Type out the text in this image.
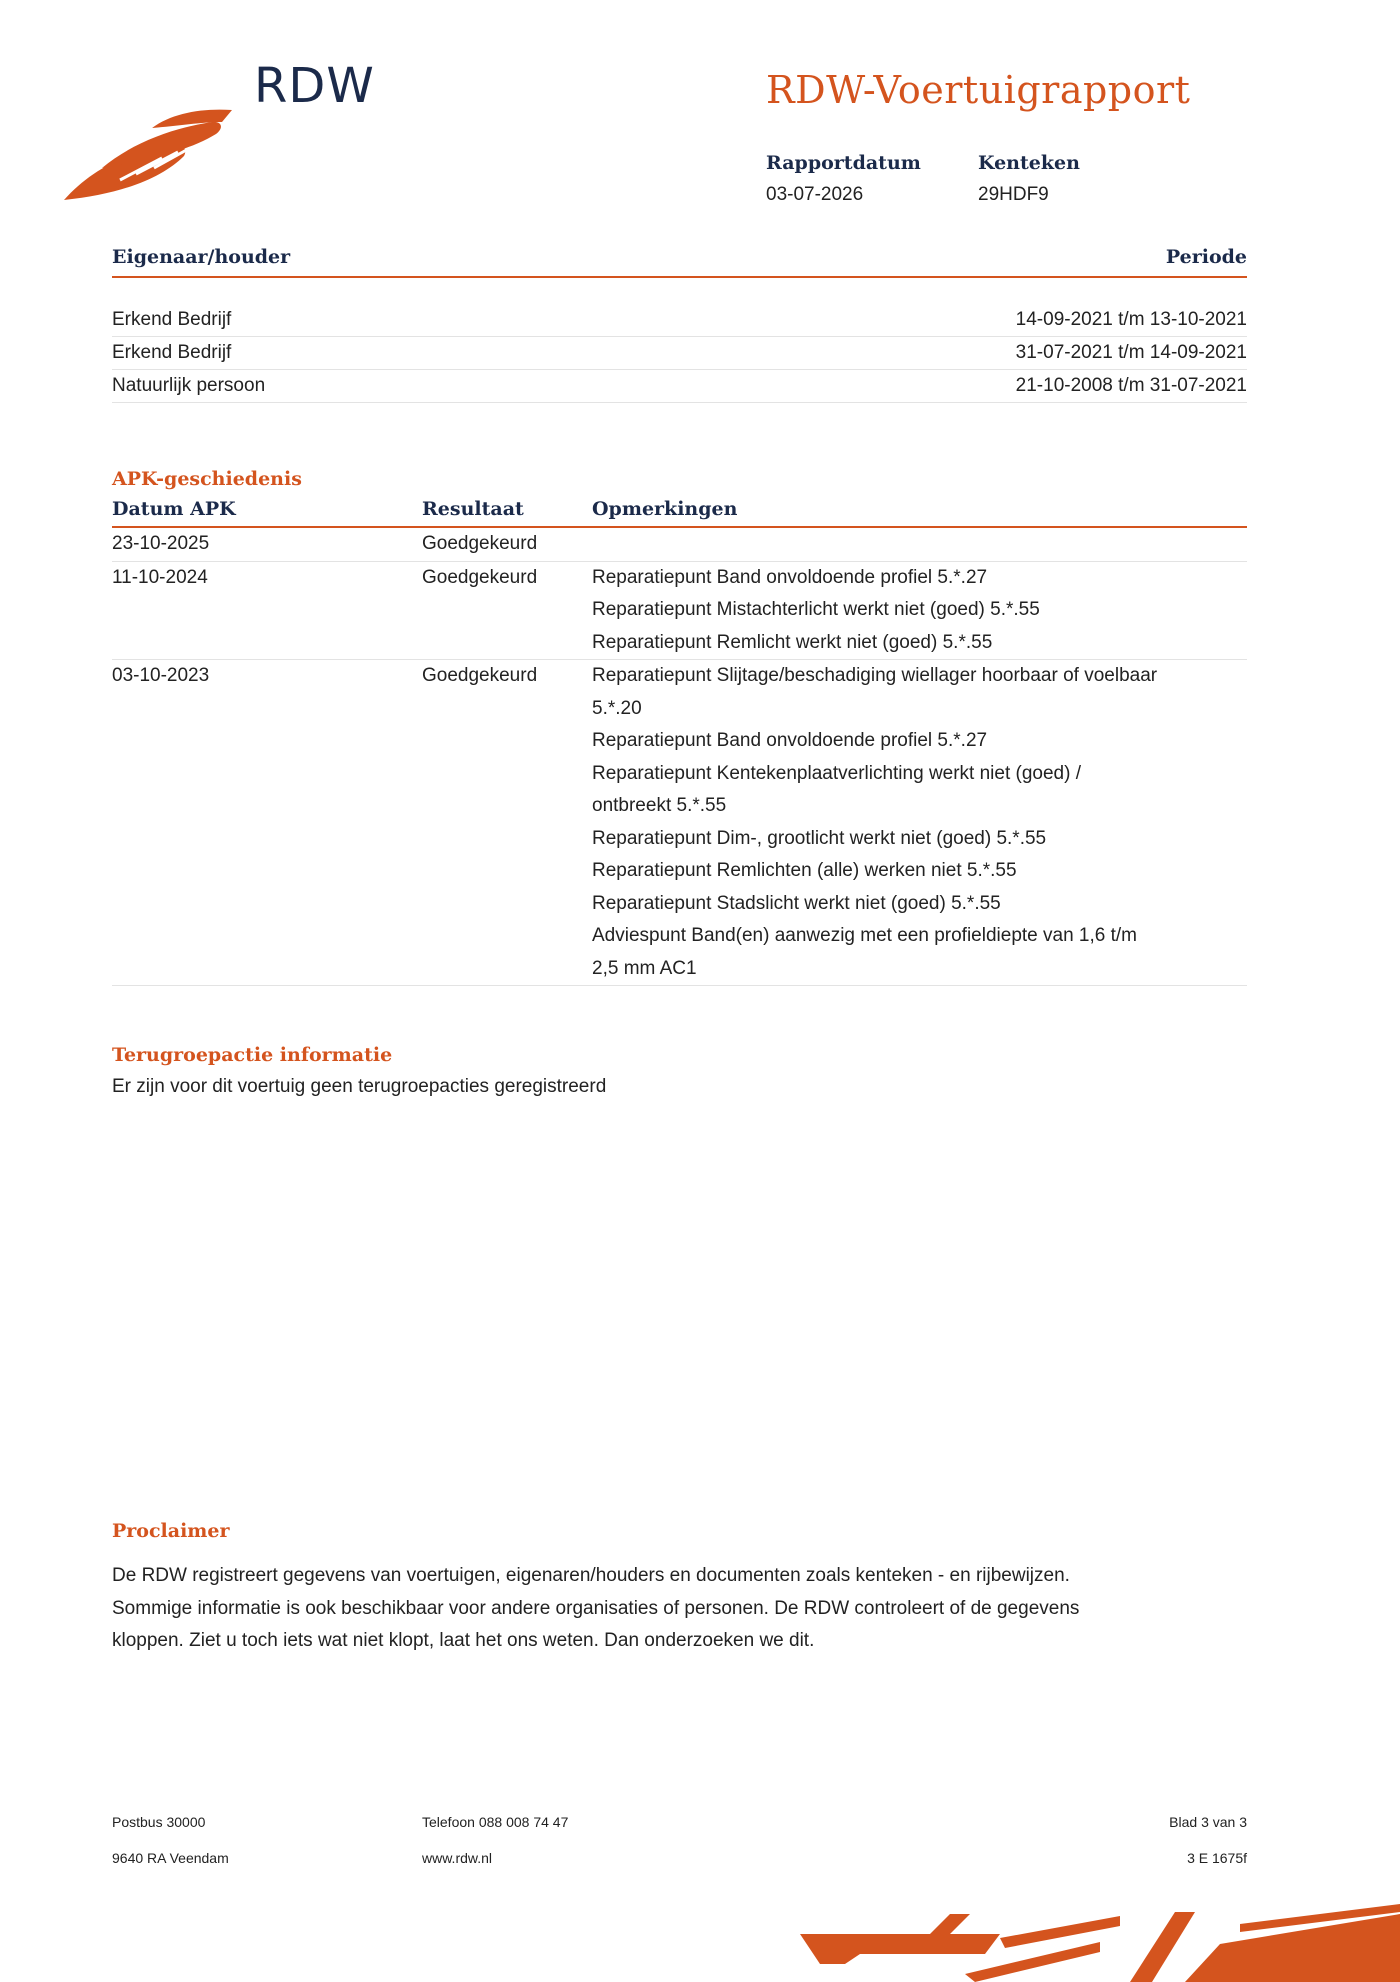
RDW	RDW-Voertuigrapport
Rapportdatum
03-07-2026
Kenteken
29HDF9
Eigenaar/houder	Periode
Erkend Bedrijf	14-09-2021 t/m 13-10-2021
Erkend Bedrijf	31-07-2021 t/m 14-09-2021
Natuurlijk persoon	21-10-2008 t/m 31-07-2021
APK-geschiedenis
Datum APK	Resultaat	Opmerkingen
23-10-2025	Goedgekeurd

11-10-2024	Goedgekeurd	Reparatiepunt Band onvoldoende profiel 5.*.27
Reparatiepunt Mistachterlicht werkt niet (goed) 5.*.55
Reparatiepunt Remlicht werkt niet (goed) 5.*.55
03-10-2023	Goedgekeurd	Reparatiepunt Slijtage/beschadiging wiellager hoorbaar of voelbaar
5.*.20
Reparatiepunt Band onvoldoende profiel 5.*.27
Reparatiepunt Kentekenplaatverlichting werkt niet (goed) /
ontbreekt 5.*.55
Reparatiepunt Dim-, grootlicht werkt niet (goed) 5.*.55
Reparatiepunt Remlichten (alle) werken niet 5.*.55
Reparatiepunt Stadslicht werkt niet (goed) 5.*.55
Adviespunt Band(en) aanwezig met een profieldiepte van 1,6 t/m
2,5 mm AC1
Terugroepactie informatie
Er zijn voor dit voertuig geen terugroepacties geregistreerd
Proclaimer
De RDW registreert gegevens van voertuigen, eigenaren/houders en documenten zoals kenteken - en rijbewijzen.
Sommige informatie is ook beschikbaar voor andere organisaties of personen. De RDW controleert of de gegevens
kloppen. Ziet u toch iets wat niet klopt, laat het ons weten. Dan onderzoeken we dit.
Postbus 30000
9640 RA Veendam
Telefoon 088 008 74 47
www.rdw.nl
Blad 3 van 3
3 E 1675f
